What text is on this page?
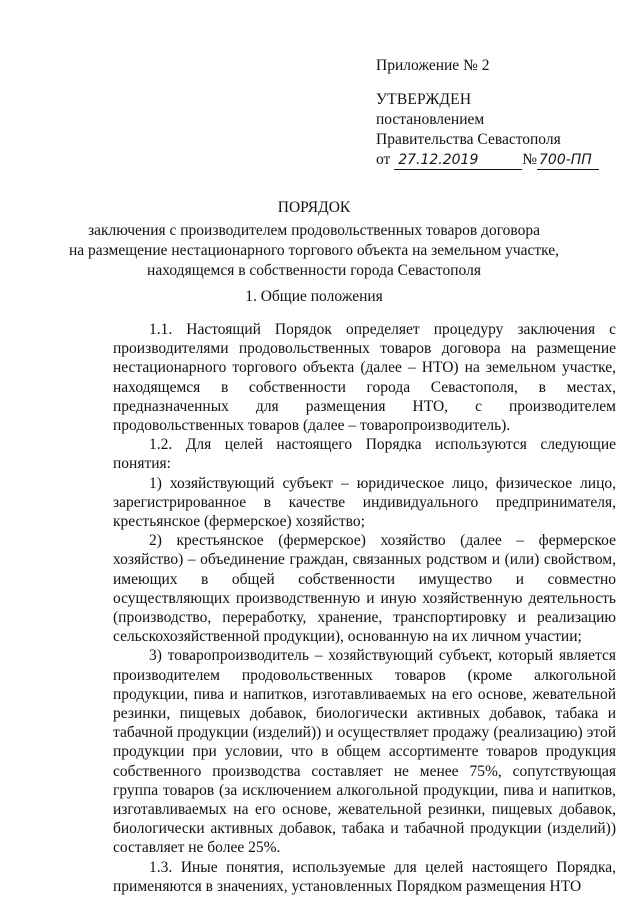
Приложение № 2
УТВЕРЖДЕН
постановлением
Правительства Севастополя
от 27.12.2019	№ 700-ПП
ПОРЯДОК
заключения с производителем продовольственных товаров договора
на размещение нестационарного торгового объекта на земельном участке,
находящемся в собственности города Севастополя
1. Общие положения

1.1. Настоящий Порядок определяет процедуру заключения с производителями продовольственных товаров договора на размещение нестационарного торгового объекта (далее – НТО) на земельном участке, находящемся в собственности города Севастополя, в местах, предназначенных для размещения НТО, с производителем продовольственных товаров (далее – товаропроизводитель).

1.2. Для целей настоящего Порядка используются следующие понятия:

1) хозяйствующий субъект – юридическое лицо, физическое лицо, зарегистрированное в качестве индивидуального предпринимателя, крестьянское (фермерское) хозяйство;

2) крестьянское (фермерское) хозяйство (далее – фермерское хозяйство) – объединение граждан, связанных родством и (или) свойством, имеющих в общей собственности имущество и совместно осуществляющих производственную и иную хозяйственную деятельность (производство, переработку, хранение, транспортировку и реализацию сельскохозяйственной продукции), основанную на их личном участии;

3) товаропроизводитель – хозяйствующий субъект, который является производителем продовольственных товаров (кроме алкогольной продукции, пива и напитков, изготавливаемых на его основе, жевательной резинки, пищевых добавок, биологически активных добавок, табака и табачной продукции (изделий)) и осуществляет продажу (реализацию) этой продукции при условии, что в общем ассортименте товаров продукция собственного производства составляет не менее 75%, сопутствующая группа товаров (за исключением алкогольной продукции, пива и напитков, изготавливаемых на его основе, жевательной резинки, пищевых добавок, биологически активных добавок, табака и табачной продукции (изделий)) составляет не более 25%.

1.3. Иные понятия, используемые для целей настоящего Порядка, применяются в значениях, установленных Порядком размещения НТО
